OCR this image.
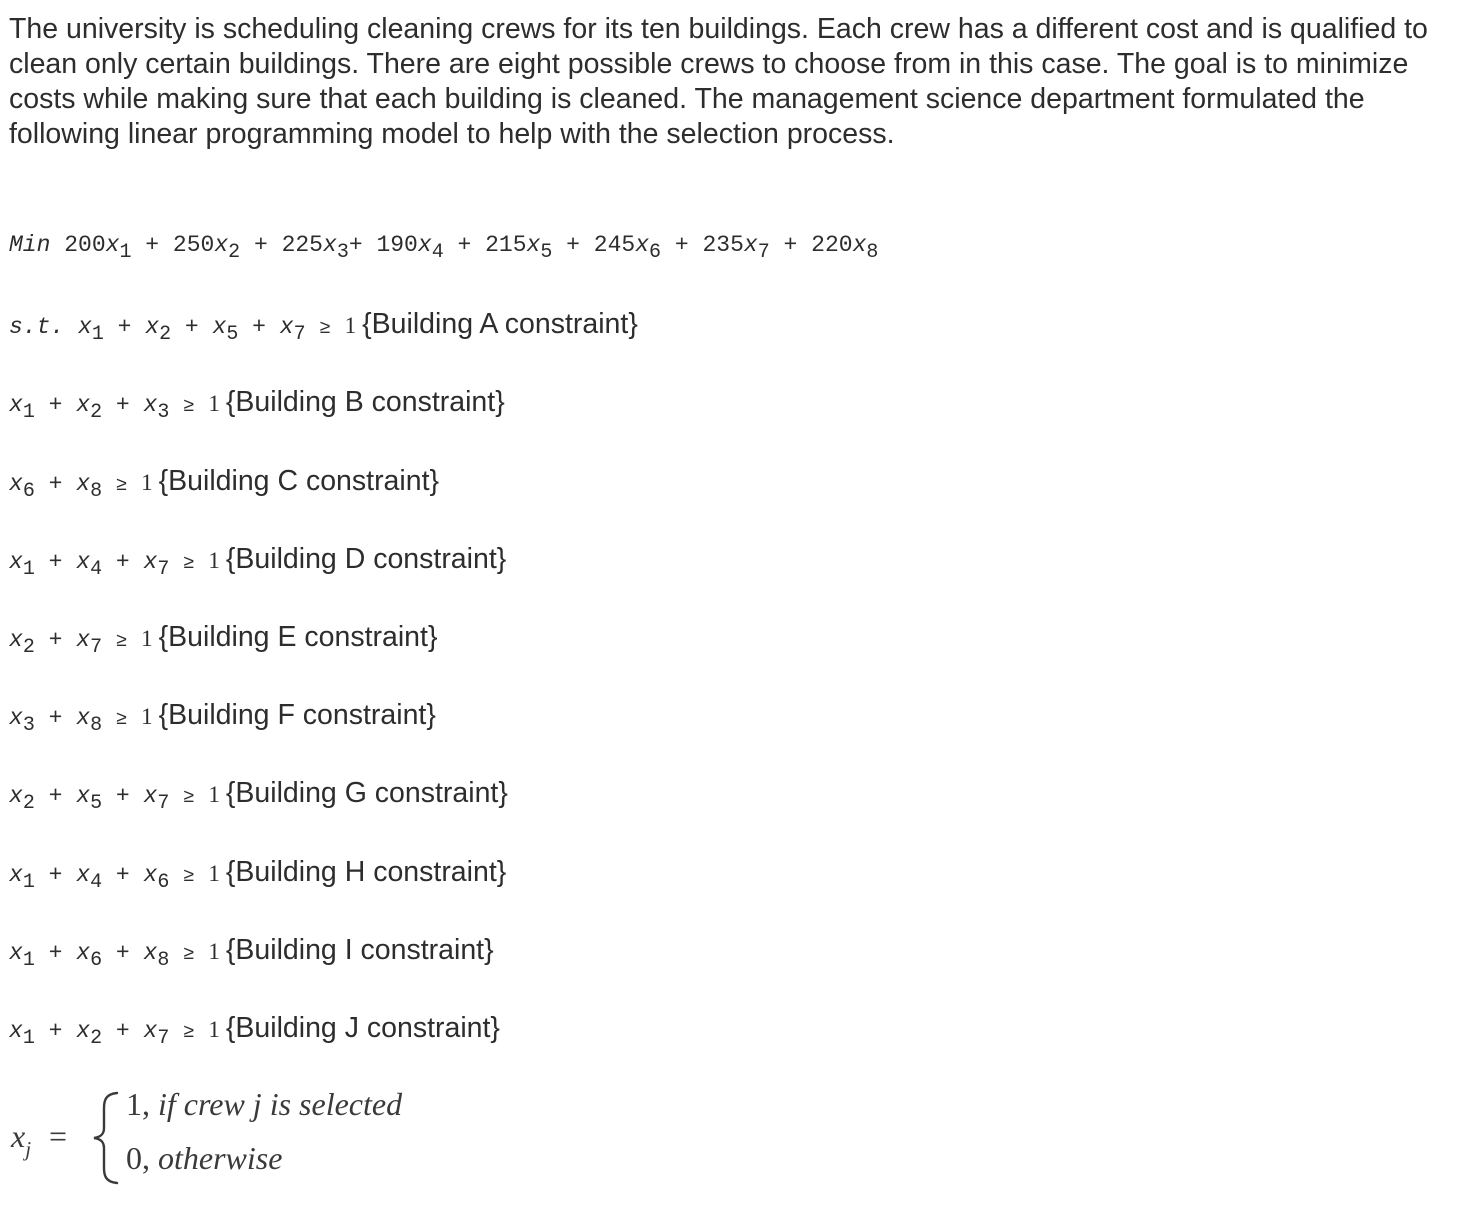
The university is scheduling cleaning crews for its ten buildings. Each crew has a different cost and is qualified to clean only certain buildings. There are eight possible crews to choose from in this case. The goal is to minimize costs while making sure that each building is cleaned. The management science department formulated the following linear programming model to help with the selection process.

Min 200x1 + 250x2 + 225x3+ 190x4 + 215x5 + 245x6 + 235x7 + 220x8
s.t. x1 + x2 + x5 + x7 ≥ 1 {Building A constraint}
x1 + x2 + x3 ≥ 1 {Building B constraint}
x6 + x8 ≥ 1 {Building C constraint}
x1 + x4 + x7 ≥ 1 {Building D constraint}
x2 + x7 ≥ 1 {Building E constraint}
x3 + x8 ≥ 1 {Building F constraint}
x2 + x5 + x7 ≥ 1 {Building G constraint}
x1 + x4 + x6 ≥ 1 {Building H constraint}
x1 + x6 + x8 ≥ 1 {Building I constraint}
x1 + x2 + x7 ≥ 1 {Building J constraint}
$x_j$ =
1, if crew j is selected
0, otherwise
